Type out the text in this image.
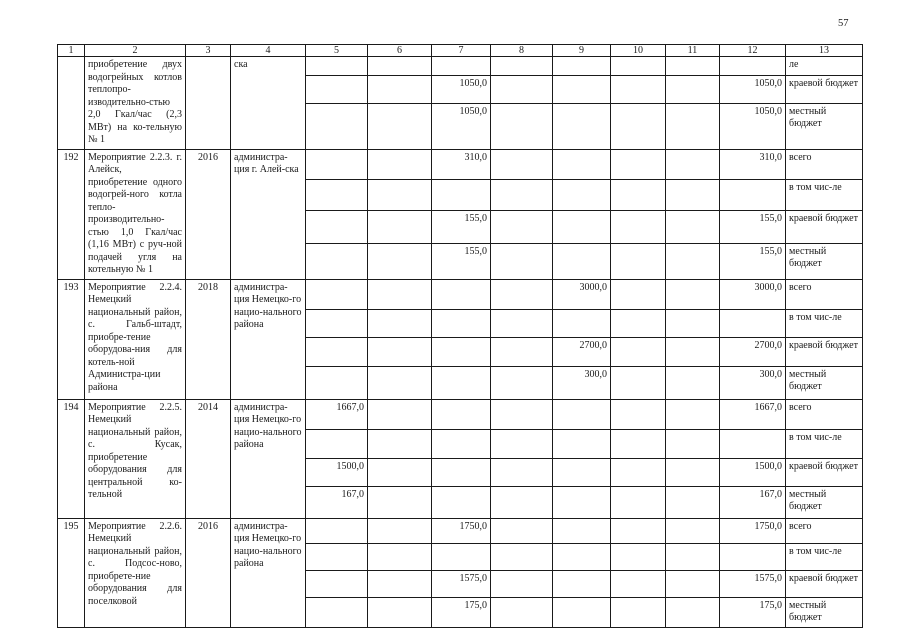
57
1	2	3	4	5	6	7	8	9	10	11	12	13
	приобретение двух водогрейных котлов теплопро-изводительно-стью 2,0 Гкал/час (2,3 МВт) на ко-тельную № 1		ска									ле
						1050,0					1050,0	краевой бюджет
						1050,0					1050,0	местный бюджет
192	Мероприятие 2.2.3. г. Алейск, приобретение одного водогрей-ного котла тепло-производительно-стью 1,0 Гкал/час (1,16 МВт) с руч-ной подачей угля на котельную № 1	2016	администра-ция г. Алей-ска			310,0					310,0	всего
												в том чис-ле
						155,0					155,0	краевой бюджет
						155,0					155,0	местный бюджет
193	Мероприятие 2.2.4. Немецкий национальный район, с. Гальб-штадт, приобре-тение оборудова-ния для котель-ной Администра-ции района	2018	администра-ция Немецко-го нацио-нального района					3000,0			3000,0	всего
												в том чис-ле
								2700,0			2700,0	краевой бюджет
								300,0			300,0	местный бюджет
194	Мероприятие 2.2.5. Немецкий национальный район, с. Кусак, приобретение оборудования для центральной ко-тельной	2014	администра-ция Немецко-го нацио-нального района	1667,0							1667,0	всего
												в том чис-ле
				1500,0							1500,0	краевой бюджет
				167,0							167,0	местный бюджет
195	Мероприятие 2.2.6. Немецкий национальный район, с. Подсос-ново, приобрете-ние оборудования для поселковой	2016	администра-ция Немецко-го нацио-нального района			1750,0					1750,0	всего
												в том чис-ле
						1575,0					1575,0	краевой бюджет
						175,0					175,0	местный бюджет
